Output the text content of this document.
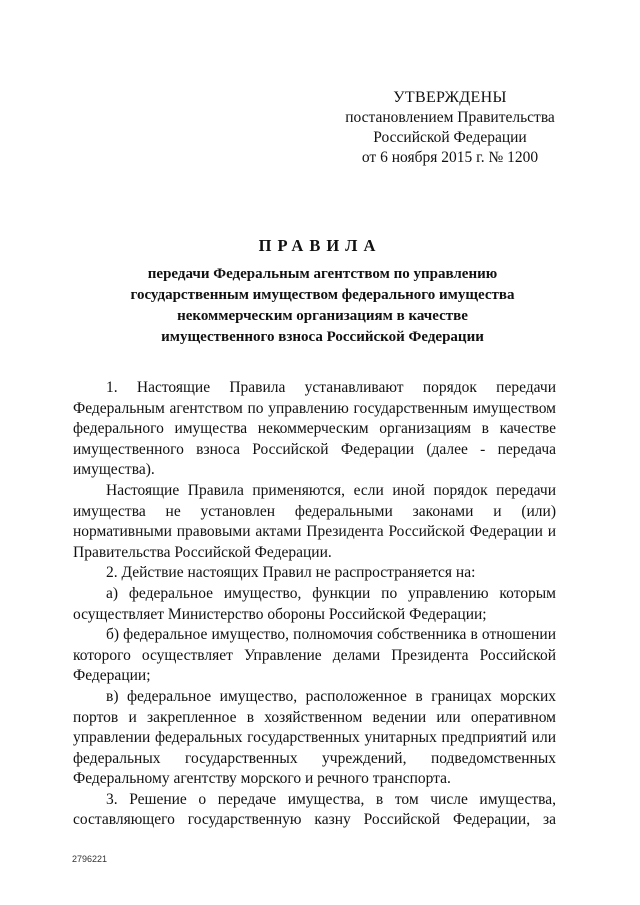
УТВЕРЖДЕНЫ
постановлением Правительства
Российской Федерации
от 6 ноября 2015 г. № 1200
ПРАВИЛА
передачи Федеральным агентством по управлению
государственным имуществом федерального имущества
некоммерческим организациям в качестве
имущественного взноса Российской Федерации

1. Настоящие Правила устанавливают порядок передачи Федеральным агентством по управлению государственным имуществом федерального имущества некоммерческим организациям в качестве имущественного взноса Российской Федерации (далее - передача имущества).

Настоящие Правила применяются, если иной порядок передачи имущества не установлен федеральными законами и (или) нормативными правовыми актами Президента Российской Федерации и Правительства Российской Федерации.

2. Действие настоящих Правил не распространяется на:

а) федеральное имущество, функции по управлению которым осуществляет Министерство обороны Российской Федерации;

б) федеральное имущество, полномочия собственника в отношении которого осуществляет Управление делами Президента Российской Федерации;

в) федеральное имущество, расположенное в границах морских портов и закрепленное в хозяйственном ведении или оперативном управлении федеральных государственных унитарных предприятий или федеральных государственных учреждений, подведомственных Федеральному агентству морского и речного транспорта.

3. Решение о передаче имущества, в том числе имущества, составляющего государственную казну Российской Федерации, за

2796221
